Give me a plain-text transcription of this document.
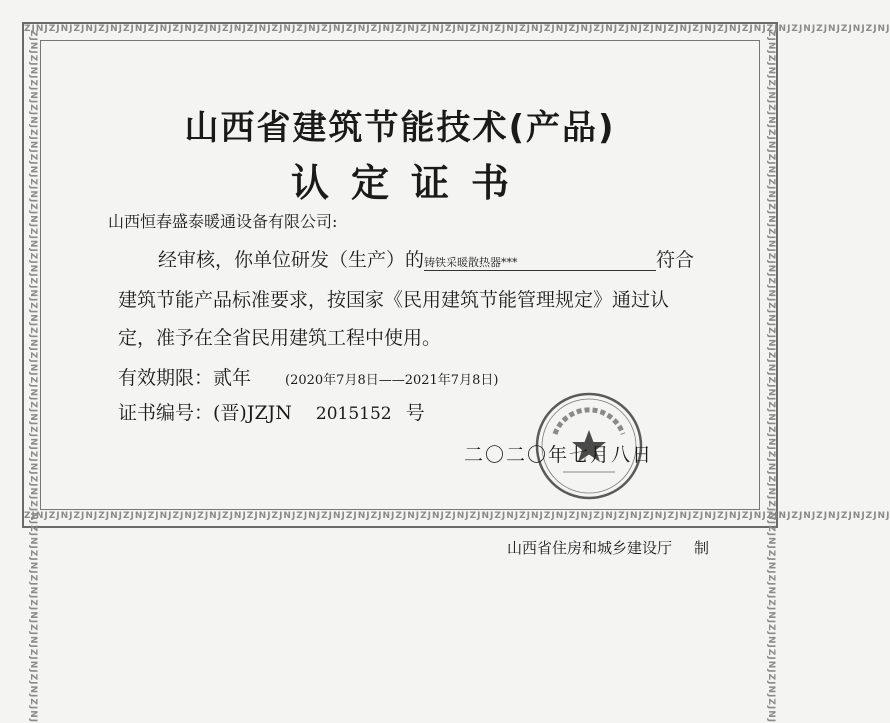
ZJNJZJNJZJNJZJNJZJNJZJNJZJNJZJNJZJNJZJNJZJNJZJNJZJNJZJNJZJNJZJNJZJNJZJNJZJNJZJNJZJNJZJNJZJNJZJNJZJNJZJNJZJNJZJNJZJNJZJNJZJNJZJNJZJNJZJNJZJNJ
ZJNJZJNJZJNJZJNJZJNJZJNJZJNJZJNJZJNJZJNJZJNJZJNJZJNJZJNJZJNJZJNJZJNJZJNJZJNJZJNJZJNJZJNJZJNJZJNJZJNJZJNJZJNJZJNJZJNJZJNJZJNJZJNJZJNJZJNJZJNJ
ZJNJZJNJZJNJZJNJZJNJZJNJZJNJZJNJZJNJZJNJZJNJZJNJZJNJZJNJZJNJZJNJZJNJZJNJZJNJZJNJZJNJZJNJZJNJZJNJZJNJZJNJZJNJZJNJ	ZJNJZJNJZJNJZJNJZJNJZJNJZJNJZJNJZJNJZJNJZJNJZJNJZJNJZJNJZJNJZJNJZJNJZJNJZJNJZJNJZJNJZJNJZJNJZJNJZJNJZJNJZJNJZJNJ
山西省建筑节能技术(产品)
认定证书
山西恒春盛泰暖通设备有限公司:
经审核，你单位研发（生产）的铸铁采暖散热器***	符合
建筑节能产品标准要求，按国家《民用建筑节能管理规定》通过认
定，准予在全省民用建筑工程中使用。
有效期限：贰年	(2020年7月8日——2021年7月8日)
证书编号：(晋)JZJN 2015152 号
二〇二〇年七月八日
山西省住房和城乡建设厅 制
